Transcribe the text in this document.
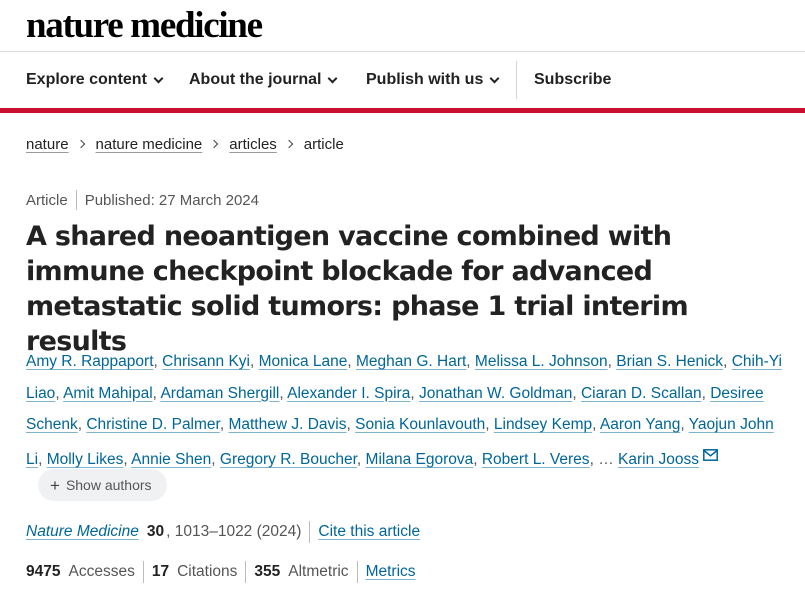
nature medicine
Explore content	About the journal	Publish with us	Subscribe
nature nature medicine articles article
Article Published: 27 March 2024
A shared neoantigen vaccine combined with immune checkpoint blockade for advanced metastatic solid tumors: phase 1 trial interim results
Amy R. Rappaport, Chrisann Kyi, Monica Lane, Meghan G. Hart, Melissa L. Johnson, Brian S. Henick, Chih-Yi Liao, Amit Mahipal, Ardaman Shergill, Alexander I. Spira, Jonathan W. Goldman, Ciaran D. Scallan, Desiree Schenk, Christine D. Palmer, Matthew J. Davis, Sonia Kounlavouth, Lindsey Kemp, Aaron Yang, Yaojun John Li, Molly Likes, Annie Shen, Gregory R. Boucher, Milana Egorova, Robert L. Veres, … Karin Jooss
+ Show authors
Nature Medicine 30 , 1013–1022 (2024) Cite this article
9475 Accesses 17 Citations 355 Altmetric Metrics
